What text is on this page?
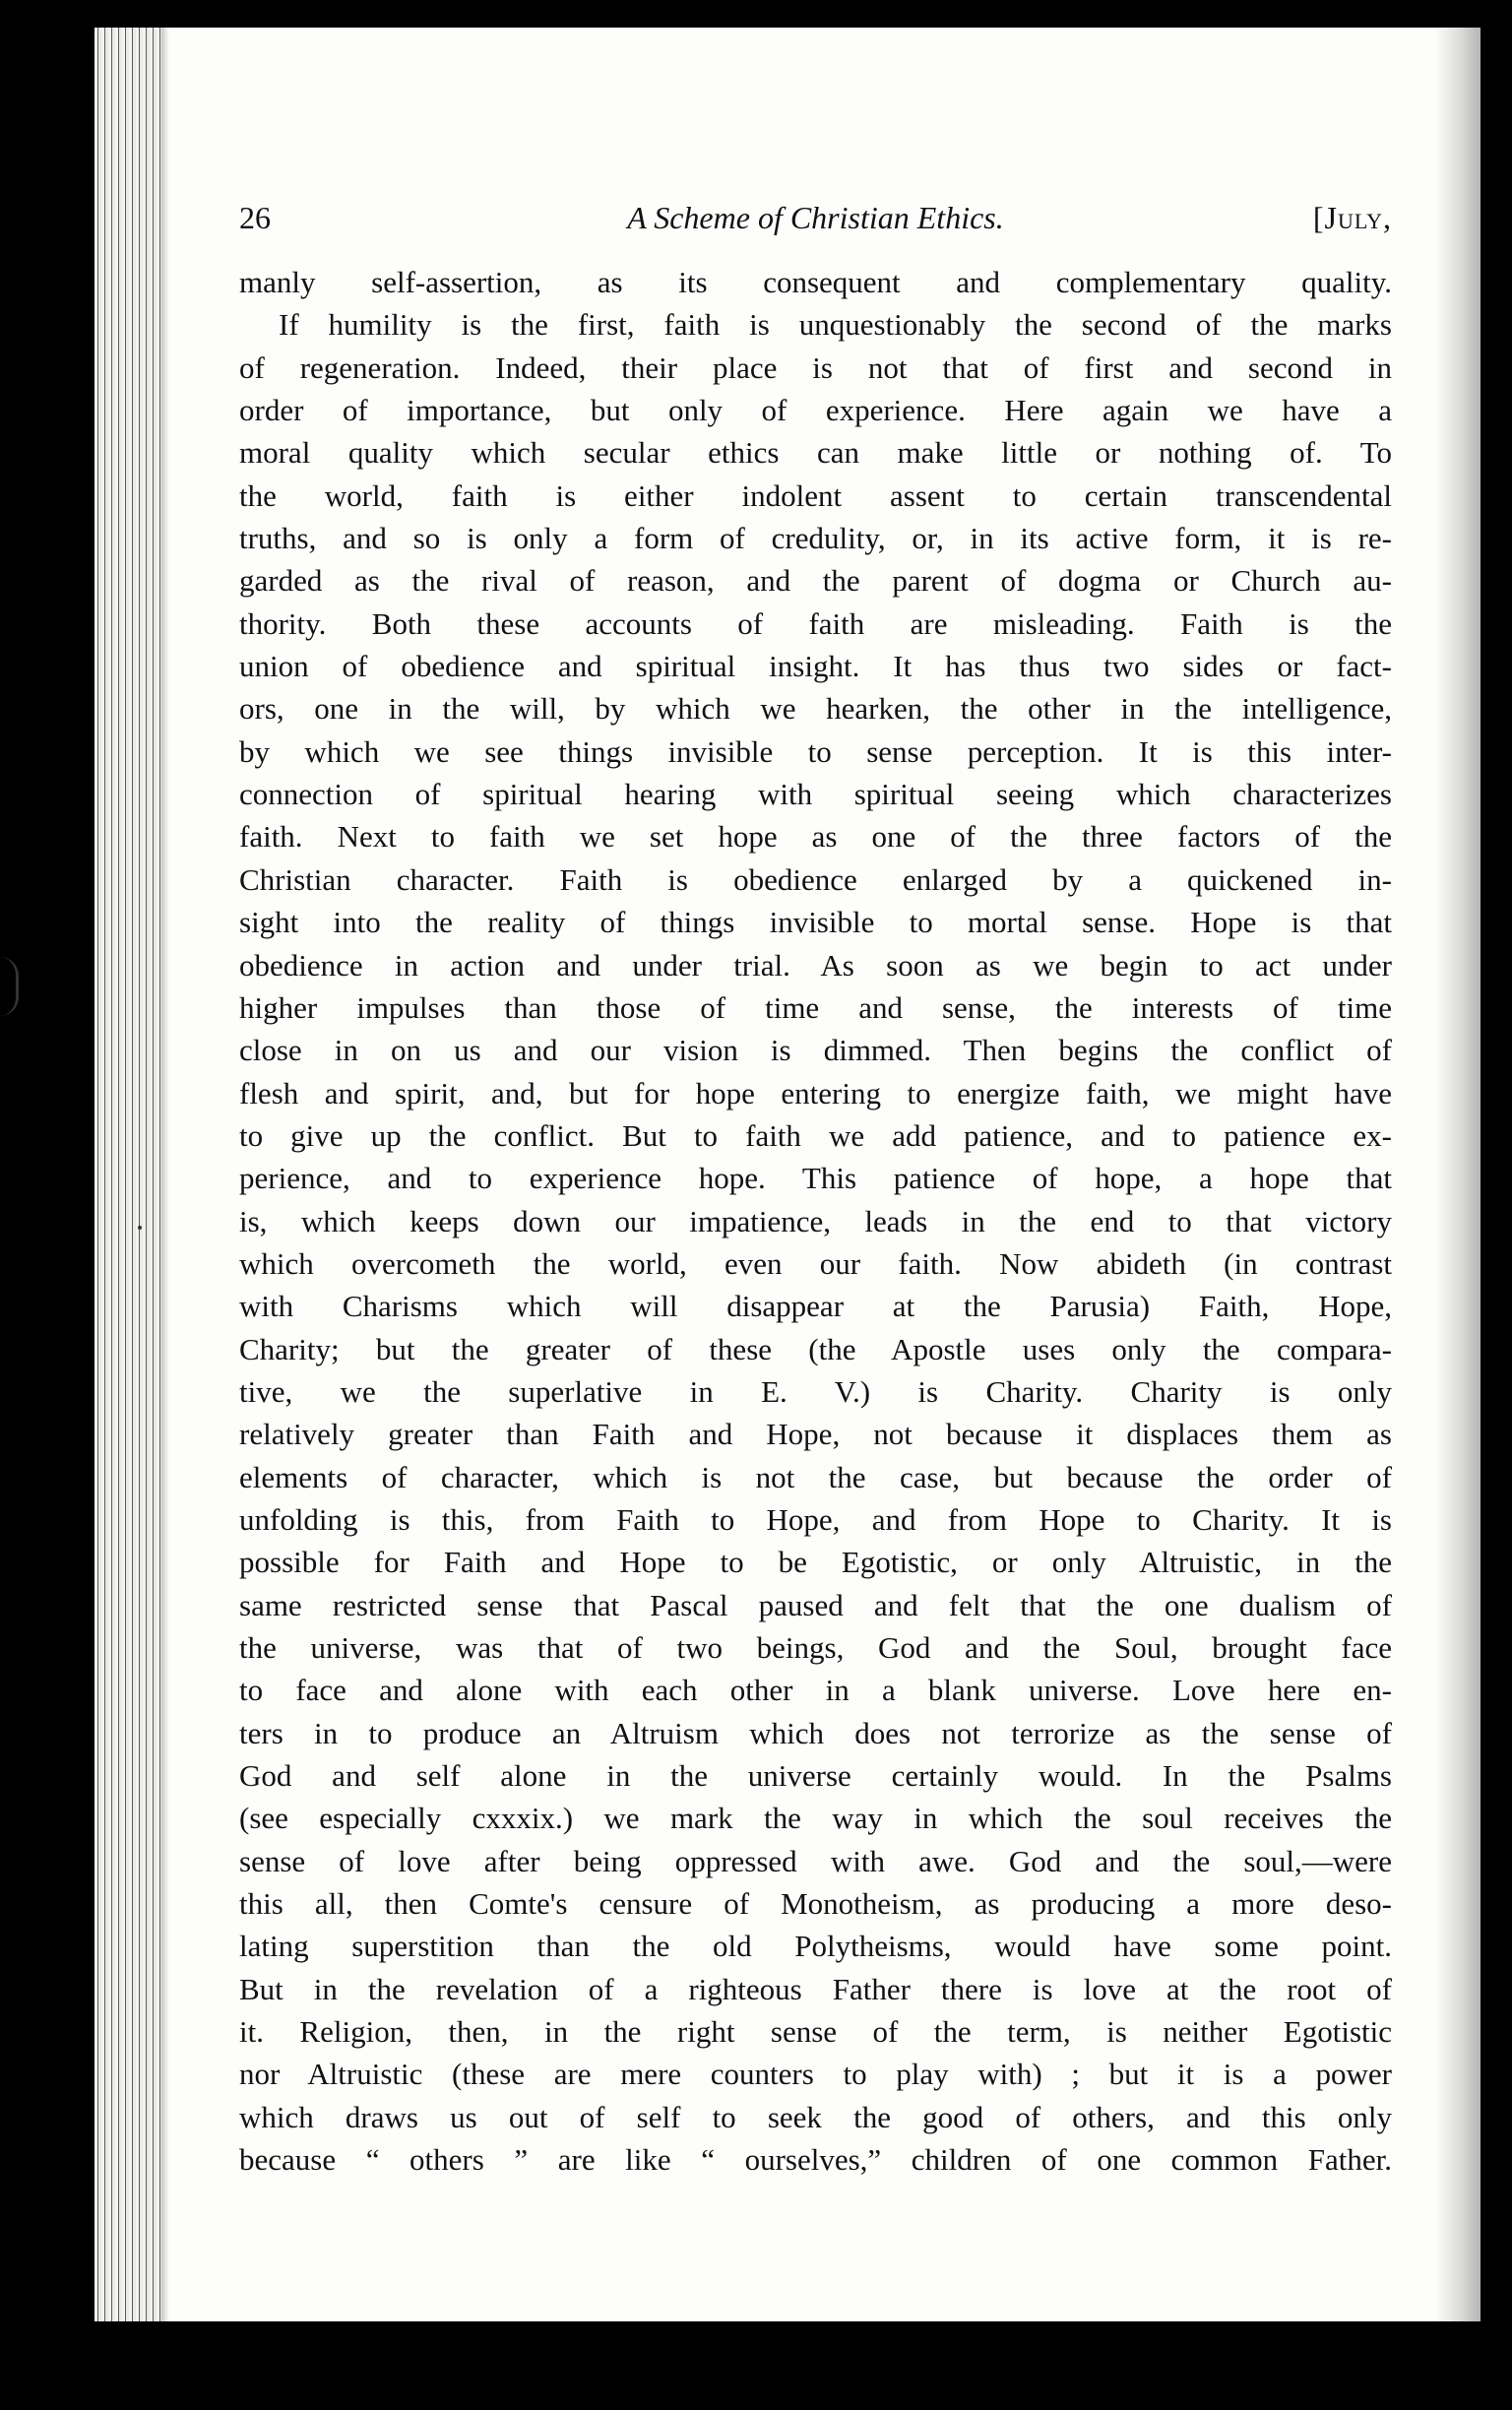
26	A Scheme of Christian Ethics.	[July,
manly self-assertion, as its consequent and complementary quality.
If humility is the first, faith is unquestionably the second of the marks
of regeneration. Indeed, their place is not that of first and second in
order of importance, but only of experience. Here again we have a
moral quality which secular ethics can make little or nothing of. To
the world, faith is either indolent assent to certain transcendental
truths, and so is only a form of credulity, or, in its active form, it is re-
garded as the rival of reason, and the parent of dogma or Church au-
thority. Both these accounts of faith are misleading. Faith is the
union of obedience and spiritual insight. It has thus two sides or fact-
ors, one in the will, by which we hearken, the other in the intelligence,
by which we see things invisible to sense perception. It is this inter-
connection of spiritual hearing with spiritual seeing which characterizes
faith. Next to faith we set hope as one of the three factors of the
Christian character. Faith is obedience enlarged by a quickened in-
sight into the reality of things invisible to mortal sense. Hope is that
obedience in action and under trial. As soon as we begin to act under
higher impulses than those of time and sense, the interests of time
close in on us and our vision is dimmed. Then begins the conflict of
flesh and spirit, and, but for hope entering to energize faith, we might have
to give up the conflict. But to faith we add patience, and to patience ex-
perience, and to experience hope. This patience of hope, a hope that
is, which keeps down our impatience, leads in the end to that victory
which overcometh the world, even our faith. Now abideth (in contrast
with Charisms which will disappear at the Parusia) Faith, Hope,
Charity; but the greater of these (the Apostle uses only the compara-
tive, we the superlative in E. V.) is Charity. Charity is only
relatively greater than Faith and Hope, not because it displaces them as
elements of character, which is not the case, but because the order of
unfolding is this, from Faith to Hope, and from Hope to Charity. It is
possible for Faith and Hope to be Egotistic, or only Altruistic, in the
same restricted sense that Pascal paused and felt that the one dualism of
the universe, was that of two beings, God and the Soul, brought face
to face and alone with each other in a blank universe. Love here en-
ters in to produce an Altruism which does not terrorize as the sense of
God and self alone in the universe certainly would. In the Psalms
(see especially cxxxix.) we mark the way in which the soul receives the
sense of love after being oppressed with awe. God and the soul,—were
this all, then Comte's censure of Monotheism, as producing a more deso-
lating superstition than the old Polytheisms, would have some point.
But in the revelation of a righteous Father there is love at the root of
it. Religion, then, in the right sense of the term, is neither Egotistic
nor Altruistic (these are mere counters to play with) ; but it is a power
which draws us out of self to seek the good of others, and this only
because “ others ” are like “ ourselves,” children of one common Father.
